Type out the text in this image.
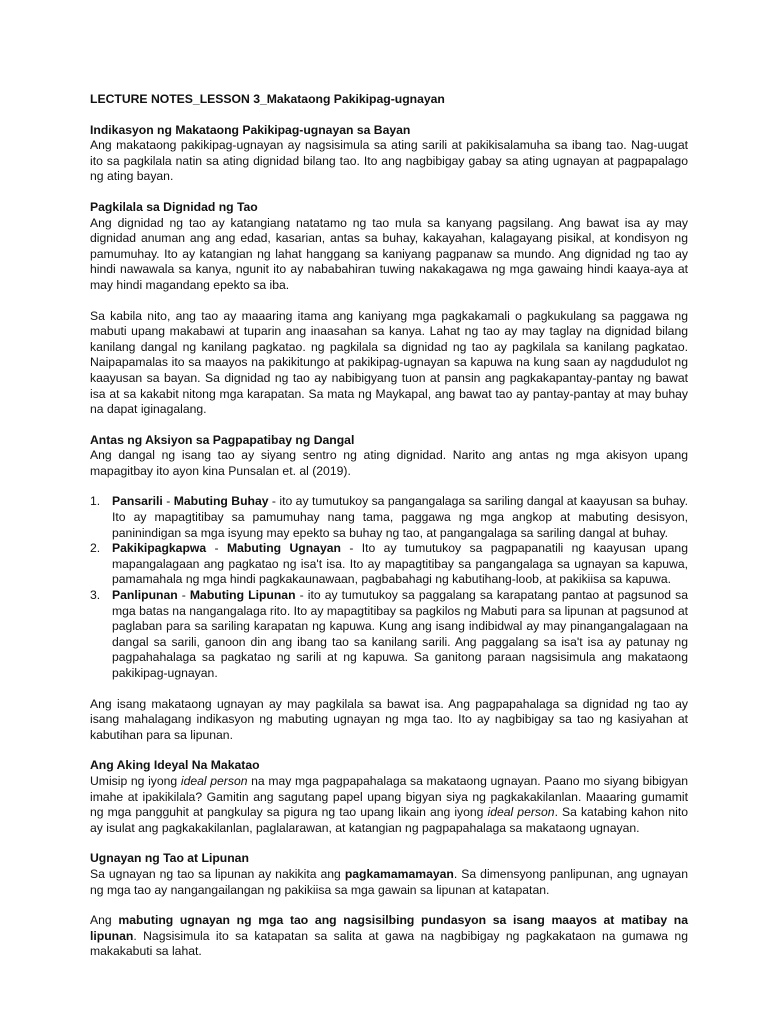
LECTURE NOTES_LESSON 3_Makataong Pakikipag-ugnayan
Indikasyon ng Makataong Pakikipag-ugnayan sa Bayan

Ang makataong pakikipag-ugnayan ay nagsisimula sa ating sarili at pakikisalamuha sa ibang tao. Nag-uugat ito sa pagkilala natin sa ating dignidad bilang tao. Ito ang nagbibigay gabay sa ating ugnayan at pagpapalago ng ating bayan.

Pagkilala sa Dignidad ng Tao

Ang dignidad ng tao ay katangiang natatamo ng tao mula sa kanyang pagsilang. Ang bawat isa ay may dignidad anuman ang ang edad, kasarian, antas sa buhay, kakayahan, kalagayang pisikal, at kondisyon ng pamumuhay. Ito ay katangian ng lahat hanggang sa kaniyang pagpanaw sa mundo. Ang dignidad ng tao ay hindi nawawala sa kanya, ngunit ito ay nababahiran tuwing nakakagawa ng mga gawaing hindi kaaya-aya at may hindi magandang epekto sa iba.

Sa kabila nito, ang tao ay maaaring itama ang kaniyang mga pagkakamali o pagkukulang sa paggawa ng mabuti upang makabawi at tuparin ang inaasahan sa kanya. Lahat ng tao ay may taglay na dignidad bilang kanilang dangal ng kanilang pagkatao. ng pagkilala sa dignidad ng tao ay pagkilala sa kanilang pagkatao. Naipapamalas ito sa maayos na pakikitungo at pakikipag-ugnayan sa kapuwa na kung saan ay nagdudulot ng kaayusan sa bayan. Sa dignidad ng tao ay nabibigyang tuon at pansin ang pagkakapantay-pantay ng bawat isa at sa kakabit nitong mga karapatan. Sa mata ng Maykapal, ang bawat tao ay pantay-pantay at may buhay na dapat iginagalang.

Antas ng Aksiyon sa Pagpapatibay ng Dangal

Ang dangal ng isang tao ay siyang sentro ng ating dignidad. Narito ang antas ng mga akisyon upang mapagitbay ito ayon kina Punsalan et. al (2019).

1. Pansarili - Mabuting Buhay - ito ay tumutukoy sa pangangalaga sa sariling dangal at kaayusan sa buhay. Ito ay mapagtitibay sa pamumuhay nang tama, paggawa ng mga angkop at mabuting desisyon, paninindigan sa mga isyung may epekto sa buhay ng tao, at pangangalaga sa sariling dangal at buhay.
2. Pakikipagkapwa - Mabuting Ugnayan - Ito ay tumutukoy sa pagpapanatili ng kaayusan upang mapangalagaan ang pagkatao ng isa't isa. Ito ay mapagtitibay sa pangangalaga sa ugnayan sa kapuwa, pamamahala ng mga hindi pagkakaunawaan, pagbabahagi ng kabutihang-loob, at pakikiisa sa kapuwa.
3. Panlipunan - Mabuting Lipunan - ito ay tumutukoy sa paggalang sa karapatang pantao at pagsunod sa mga batas na nangangalaga rito. Ito ay mapagtitibay sa pagkilos ng Mabuti para sa lipunan at pagsunod at paglaban para sa sariling karapatan ng kapuwa. Kung ang isang indibidwal ay may pinangangalagaan na dangal sa sarili, ganoon din ang ibang tao sa kanilang sarili. Ang paggalang sa isa't isa ay patunay ng pagpahahalaga sa pagkatao ng sarili at ng kapuwa. Sa ganitong paraan nagsisimula ang makataong pakikipag-ugnayan.

Ang isang makataong ugnayan ay may pagkilala sa bawat isa. Ang pagpapahalaga sa dignidad ng tao ay isang mahalagang indikasyon ng mabuting ugnayan ng mga tao. Ito ay nagbibigay sa tao ng kasiyahan at kabutihan para sa lipunan.

Ang Aking Ideyal Na Makatao

Umisip ng iyong ideal person na may mga pagpapahalaga sa makataong ugnayan. Paano mo siyang bibigyan imahe at ipakikilala? Gamitin ang sagutang papel upang bigyan siya ng pagkakakilanlan. Maaaring gumamit ng mga pangguhit at pangkulay sa pigura ng tao upang likain ang iyong ideal person. Sa katabing kahon nito ay isulat ang pagkakakilanlan, paglalarawan, at katangian ng pagpapahalaga sa makataong ugnayan.

Ugnayan ng Tao at Lipunan

Sa ugnayan ng tao sa lipunan ay nakikita ang pagkamamamayan. Sa dimensyong panlipunan, ang ugnayan ng mga tao ay nangangailangan ng pakikiisa sa mga gawain sa lipunan at katapatan.

Ang mabuting ugnayan ng mga tao ang nagsisilbing pundasyon sa isang maayos at matibay na lipunan. Nagsisimula ito sa katapatan sa salita at gawa na nagbibigay ng pagkakataon na gumawa ng makakabuti sa lahat.
